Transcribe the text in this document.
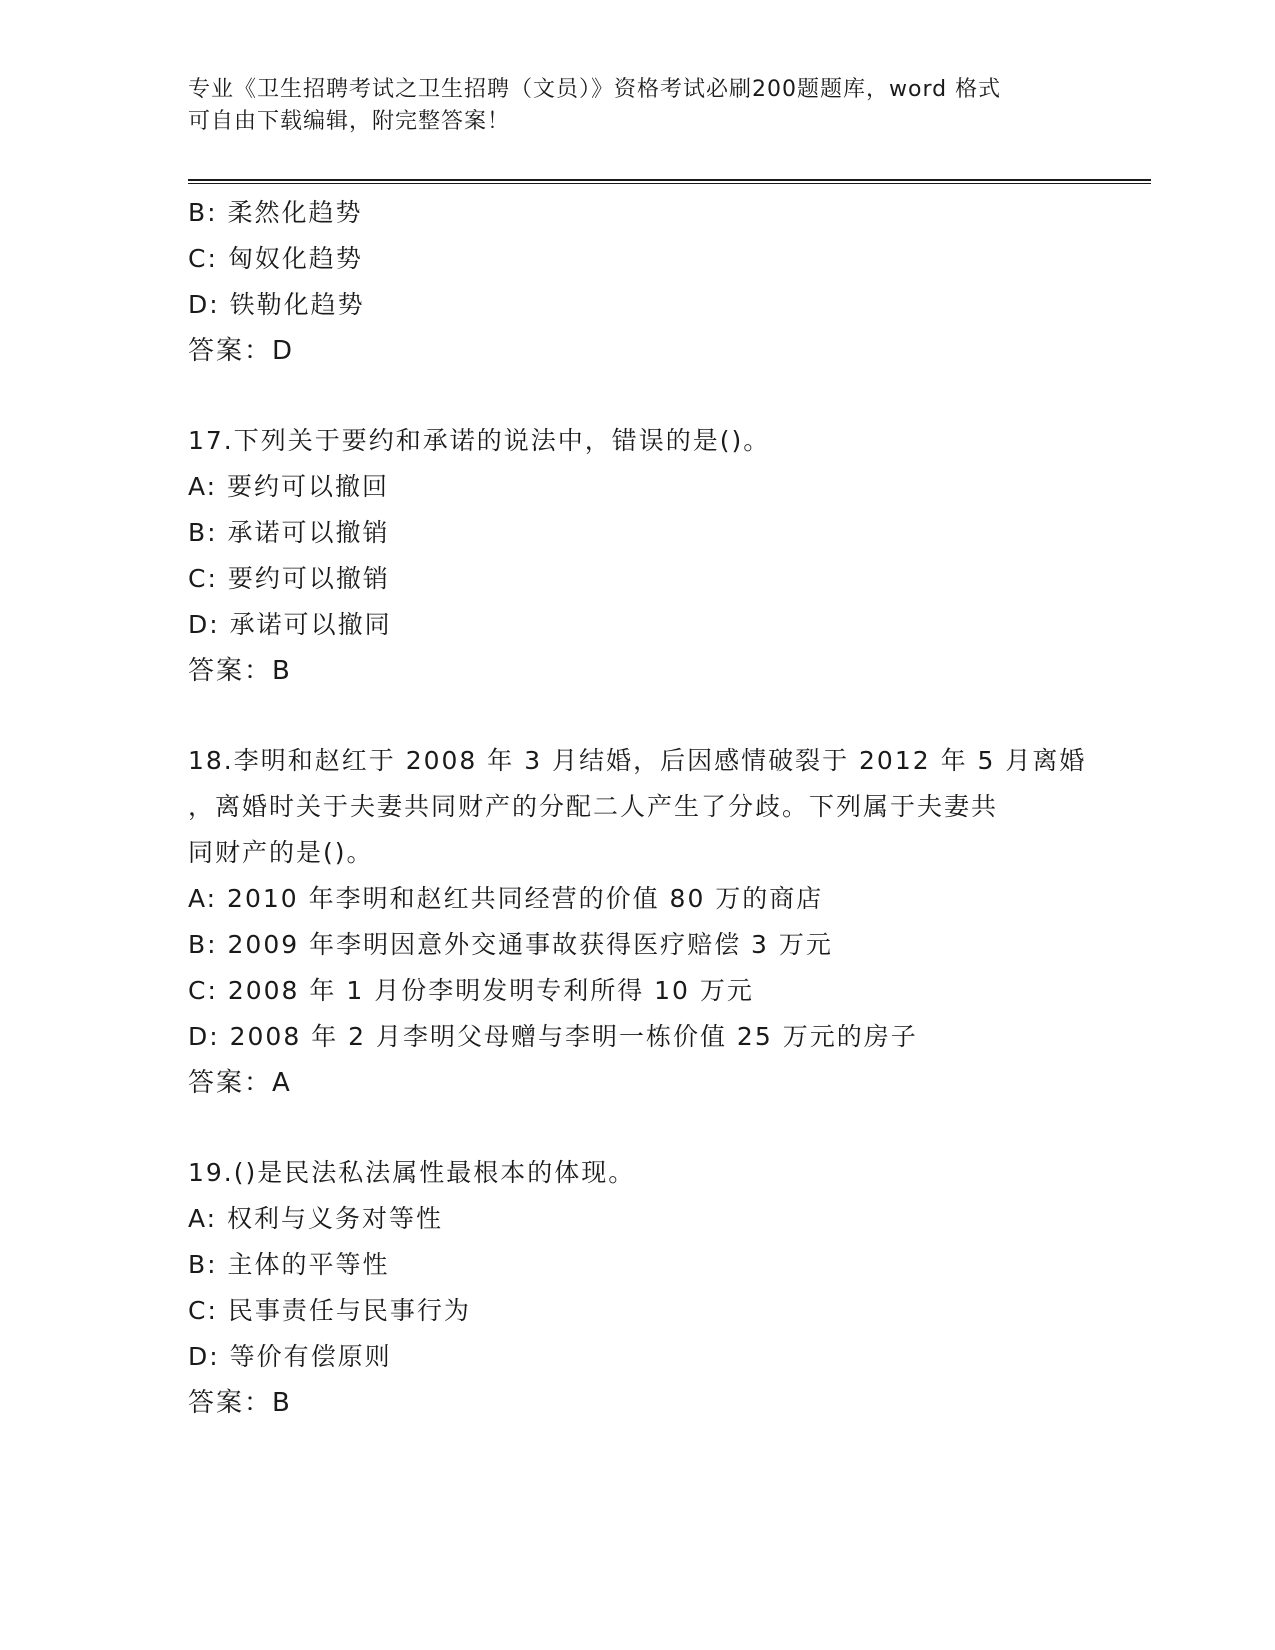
专业《卫生招聘考试之卫生招聘（文员）》资格考试必刷200题题库，word 格式
可自由下载编辑，附完整答案！
B: 柔然化趋势
C: 匈奴化趋势
D: 铁勒化趋势
答案：D
17.下列关于要约和承诺的说法中，错误的是()。
A: 要约可以撤回
B: 承诺可以撤销
C: 要约可以撤销
D: 承诺可以撤同
答案：B
18.李明和赵红于 2008 年 3 月结婚，后因感情破裂于 2012 年 5 月离婚
，离婚时关于夫妻共同财产的分配二人产生了分歧。下列属于夫妻共
同财产的是()。
A: 2010 年李明和赵红共同经营的价值 80 万的商店
B: 2009 年李明因意外交通事故获得医疗赔偿 3 万元
C: 2008 年 1 月份李明发明专利所得 10 万元
D: 2008 年 2 月李明父母赠与李明一栋价值 25 万元的房子
答案：A
19.()是民法私法属性最根本的体现。
A: 权利与义务对等性
B: 主体的平等性
C: 民事责任与民事行为
D: 等价有偿原则
答案：B
